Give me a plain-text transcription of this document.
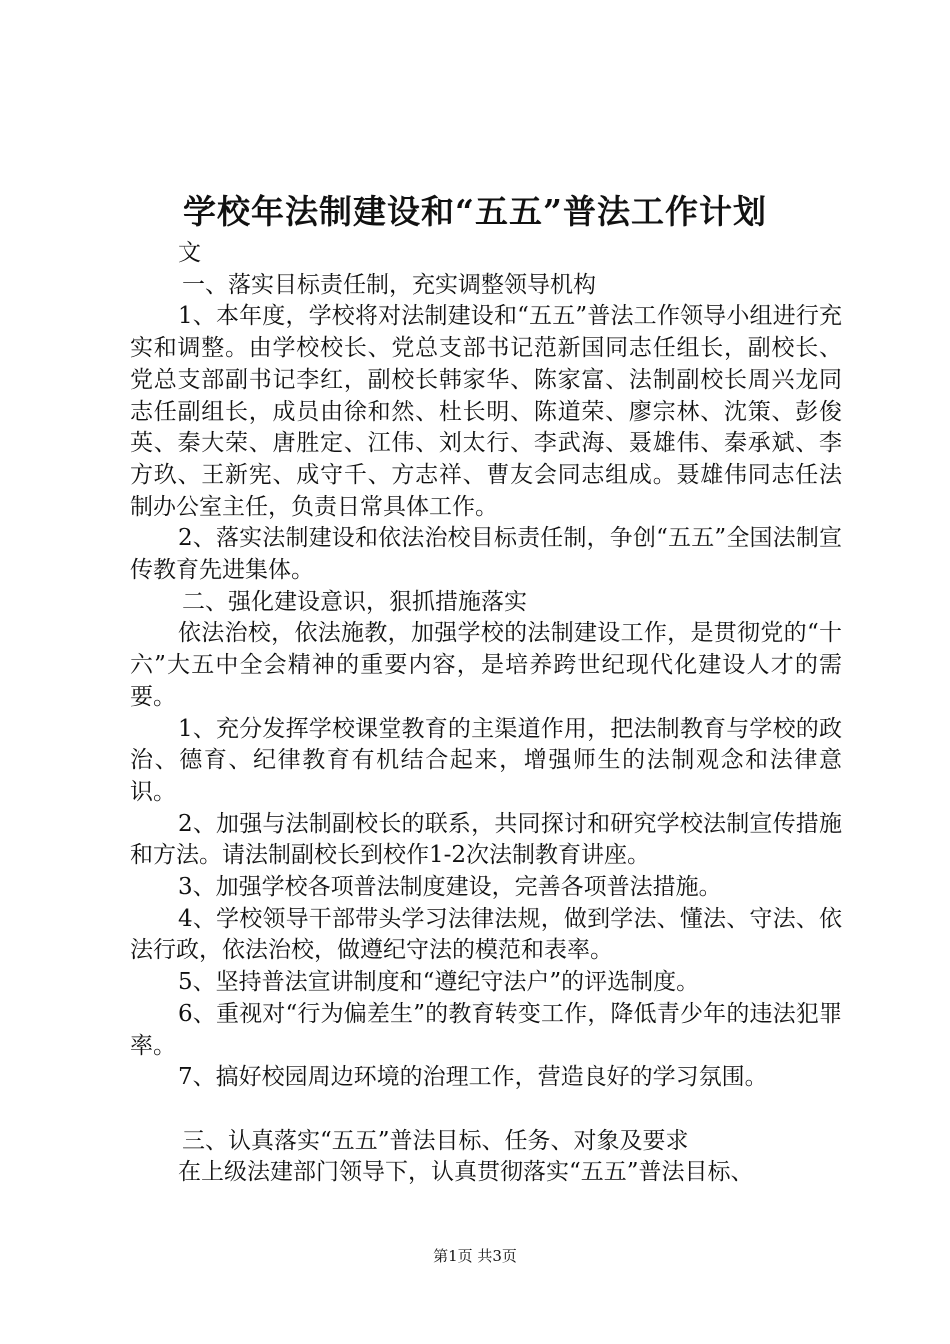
学校年法制建设和“五五”普法工作计划

文

一、落实目标责任制，充实调整领导机构

1、本年度，学校将对法制建设和“五五”普法工作领导小组进行充实和调整。由学校校长、党总支部书记范新国同志任组长，副校长、党总支部副书记李红，副校长韩家华、陈家富、法制副校长周兴龙同志任副组长，成员由徐和然、杜长明、陈道荣、廖宗林、沈策、彭俊英、秦大荣、唐胜定、江伟、刘太行、李武海、聂雄伟、秦承斌、李方玖、王新宪、成守千、方志祥、曹友会同志组成。聂雄伟同志任法制办公室主任，负责日常具体工作。

2、落实法制建设和依法治校目标责任制，争创“五五”全国法制宣传教育先进集体。

二、强化建设意识，狠抓措施落实

依法治校，依法施教，加强学校的法制建设工作，是贯彻党的“十六”大五中全会精神的重要内容，是培养跨世纪现代化建设人才的需要。

1、充分发挥学校课堂教育的主渠道作用，把法制教育与学校的政治、德育、纪律教育有机结合起来，增强师生的法制观念和法律意识。

2、加强与法制副校长的联系，共同探讨和研究学校法制宣传措施和方法。请法制副校长到校作1-2次法制教育讲座。

3、加强学校各项普法制度建设，完善各项普法措施。

4、学校领导干部带头学习法律法规，做到学法、懂法、守法、依法行政，依法治校，做遵纪守法的模范和表率。

5、坚持普法宣讲制度和“遵纪守法户”的评选制度。

6、重视对“行为偏差生”的教育转变工作，降低青少年的违法犯罪率。

7、搞好校园周边环境的治理工作，营造良好的学习氛围。

三、认真落实“五五”普法目标、任务、对象及要求

在上级法建部门领导下，认真贯彻落实“五五”普法目标、

第1页 共3页
